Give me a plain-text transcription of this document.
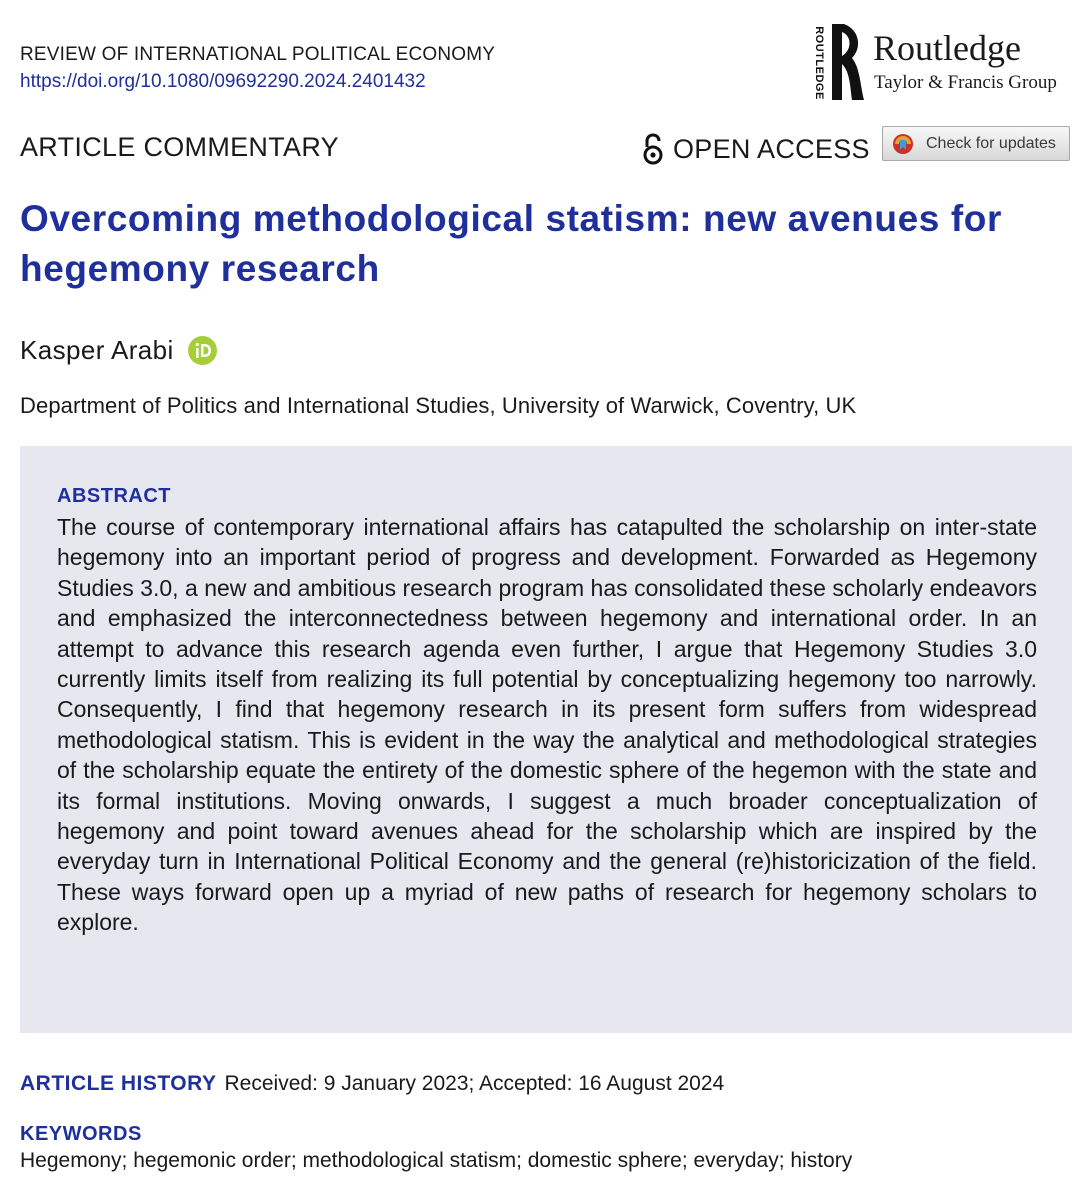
REVIEW OF INTERNATIONAL POLITICAL ECONOMY
https://doi.org/10.1080/09692290.2024.2401432	ROUTLEDGE Routledge
Taylor & Francis Group
ARTICLE COMMENTARY	OPEN ACCESS	Check for updates
Overcoming methodological statism: new avenues for hegemony research
Kasper Arabi
Department of Politics and International Studies, University of Warwick, Coventry, UK
ABSTRACT

The course of contemporary international affairs has catapulted the scholarship on inter-state hegemony into an important period of progress and development. Forwarded as Hegemony Studies 3.0, a new and ambitious research program has consolidated these scholarly endeavors and emphasized the interconnectedness between hegemony and international order. In an attempt to advance this research agenda even further, I argue that Hegemony Studies 3.0 currently limits itself from realizing its full potential by conceptualizing hegemony too narrowly. Consequently, I find that hegemony research in its present form suffers from widespread methodological statism. This is evident in the way the analytical and methodological strategies of the scholarship equate the entirety of the domestic sphere of the hegemon with the state and its formal institutions. Moving onwards, I suggest a much broader conceptualization of hegemony and point toward avenues ahead for the scholarship which are inspired by the everyday turn in International Political Economy and the general (re)historicization of the field. These ways forward open up a myriad of new paths of research for hegemony scholars to explore.

ARTICLE HISTORY Received: 9 January 2023; Accepted: 16 August 2024
KEYWORDS
Hegemony; hegemonic order; methodological statism; domestic sphere; everyday; history
